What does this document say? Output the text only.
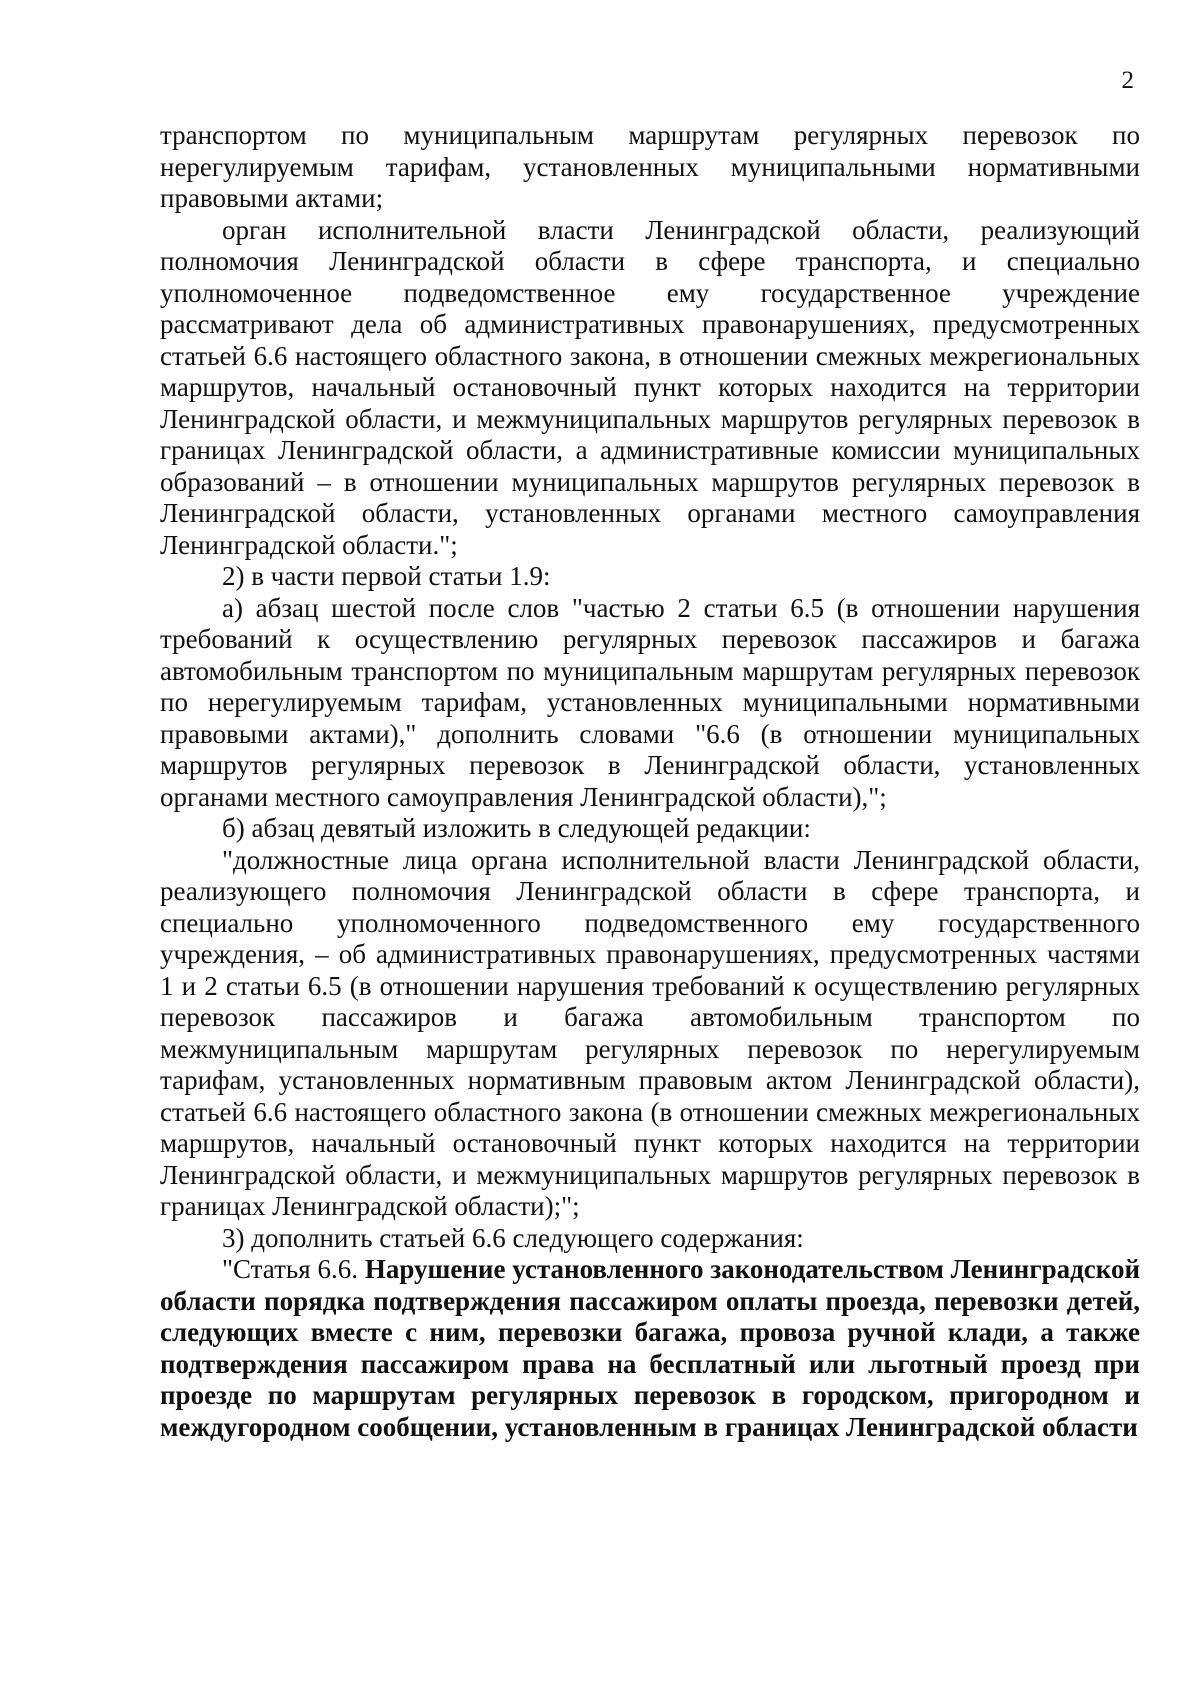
2

транспортом по муниципальным маршрутам регулярных перевозок по нерегулируемым тарифам, установленных муниципальными нормативными правовыми актами;

орган исполнительной власти Ленинградской области, реализующий полномочия Ленинградской области в сфере транспорта, и специально уполномоченное подведомственное ему государственное учреждение рассматривают дела об административных правонарушениях, предусмотренных статьей 6.6 настоящего областного закона, в отношении смежных межрегиональных маршрутов, начальный остановочный пункт которых находится на территории Ленинградской области, и межмуниципальных маршрутов регулярных перевозок в границах Ленинградской области, а административные комиссии муниципальных образований – в отношении муниципальных маршрутов регулярных перевозок в Ленинградской области, установленных органами местного самоуправления Ленинградской области.";

2) в части первой статьи 1.9:

а) абзац шестой после слов "частью 2 статьи 6.5 (в отношении нарушения требований к осуществлению регулярных перевозок пассажиров и багажа автомобильным транспортом по муниципальным маршрутам регулярных перевозок по нерегулируемым тарифам, установленных муниципальными нормативными правовыми актами)," дополнить словами "6.6 (в отношении муниципальных маршрутов регулярных перевозок в Ленинградской области, установленных органами местного самоуправления Ленинградской области),";

б) абзац девятый изложить в следующей редакции:

"должностные лица органа исполнительной власти Ленинградской области, реализующего полномочия Ленинградской области в сфере транспорта, и специально уполномоченного подведомственного ему государственного учреждения, – об административных правонарушениях, предусмотренных частями 1 и 2 статьи 6.5 (в отношении нарушения требований к осуществлению регулярных перевозок пассажиров и багажа автомобильным транспортом по межмуниципальным маршрутам регулярных перевозок по нерегулируемым тарифам, установленных нормативным правовым актом Ленинградской области), статьей 6.6 настоящего областного закона (в отношении смежных межрегиональных маршрутов, начальный остановочный пункт которых находится на территории Ленинградской области, и межмуниципальных маршрутов регулярных перевозок в границах Ленинградской области);";

3) дополнить статьей 6.6 следующего содержания:

"Статья 6.6. Нарушение установленного законодательством Ленинградской области порядка подтверждения пассажиром оплаты проезда, перевозки детей, следующих вместе с ним, перевозки багажа, провоза ручной клади, а также подтверждения пассажиром права на бесплатный или льготный проезд при проезде по маршрутам регулярных перевозок в городском, пригородном и междугородном сообщении, установленным в границах Ленинградской области
